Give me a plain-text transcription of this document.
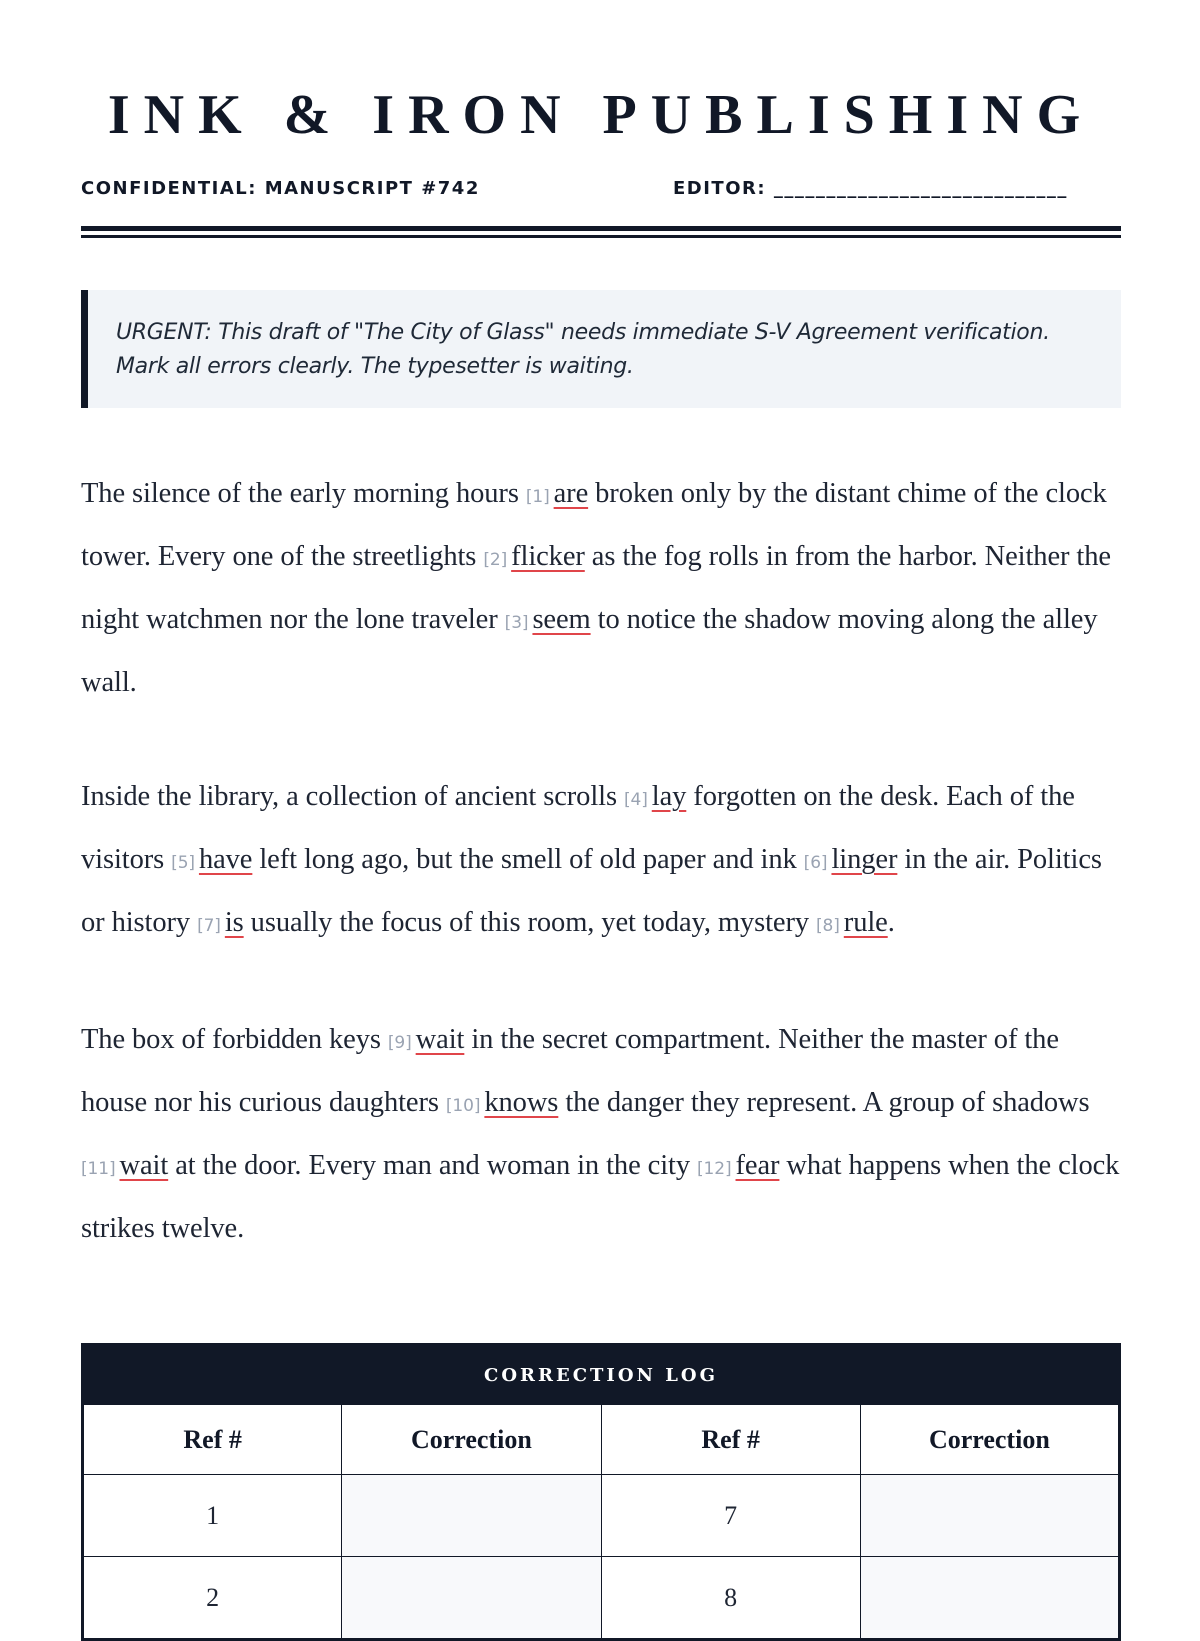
INK & IRON PUBLISHING
CONFIDENTIAL: MANUSCRIPT #742	EDITOR: ____________________________
URGENT: This draft of "The City of Glass" needs immediate S-V Agreement verification.
Mark all errors clearly. The typesetter is waiting.

The silence of the early morning hours [1] are broken only by the distant chime of the clock tower. Every one of the streetlights [2] flicker as the fog rolls in from the harbor. Neither the night watchmen nor the lone traveler [3] seem to notice the shadow moving along the alley wall.

Inside the library, a collection of ancient scrolls [4] lay forgotten on the desk. Each of the visitors [5] have left long ago, but the smell of old paper and ink [6] linger in the air. Politics or history [7] is usually the focus of this room, yet today, mystery [8] rule.

The box of forbidden keys [9] wait in the secret compartment. Neither the master of the house nor his curious daughters [10] knows the danger they represent. A group of shadows [11] wait at the door. Every man and woman in the city [12] fear what happens when the clock strikes twelve.

CORRECTION LOG			
Ref #	Correction	Ref #	Correction
1		7	
2		8	
